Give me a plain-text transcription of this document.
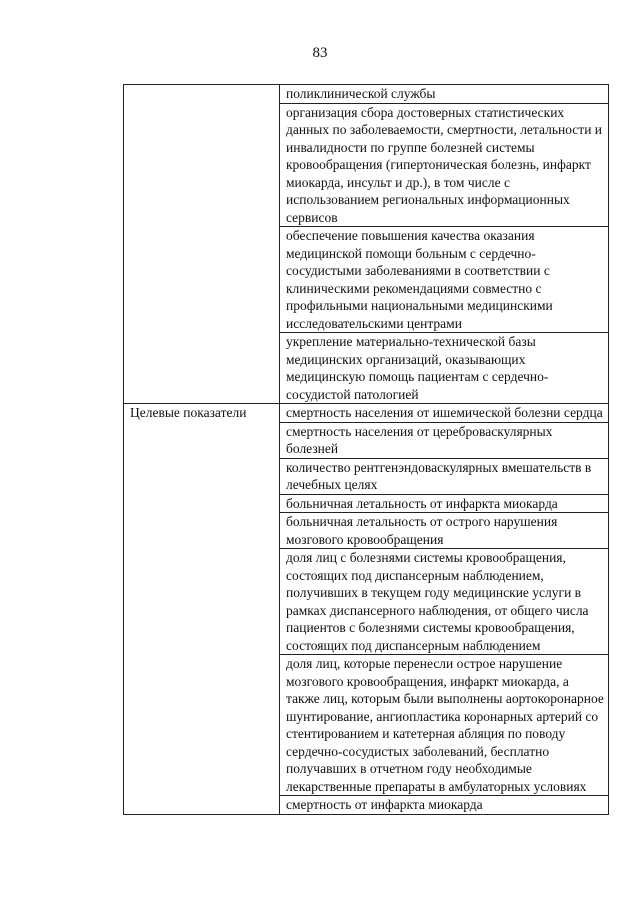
83
	поликлинической службы
	организация сбора достоверных статистических данных по заболеваемости, смертности, летальности и инвалидности по группе болезней системы кровообращения (гипертоническая болезнь, инфаркт миокарда, инсульт и др.), в том числе с использованием региональных информационных сервисов
	обеспечение повышения качества оказания медицинской помощи больным с сердечно-сосудистыми заболеваниями в соответствии с клиническими рекомендациями совместно с профильными национальными медицинскими исследовательскими центрами
	укрепление материально-технической базы медицинских организаций, оказывающих медицинскую помощь пациентам с сердечно-сосудистой патологией
Целевые показатели	смертность населения от ишемической болезни сердца
	смертность населения от цереброваскулярных болезней
	количество рентгенэндоваскулярных вмешательств в лечебных целях
	больничная летальность от инфаркта миокарда
	больничная летальность от острого нарушения мозгового кровообращения
	доля лиц с болезнями системы кровообращения, состоящих под диспансерным наблюдением, получивших в текущем году медицинские услуги в рамках диспансерного наблюдения, от общего числа пациентов с болезнями системы кровообращения, состоящих под диспансерным наблюдением
	доля лиц, которые перенесли острое нарушение мозгового кровообращения, инфаркт миокарда, а также лиц, которым были выполнены аортокоронарное шунтирование, ангиопластика коронарных артерий со стентированием и катетерная абляция по поводу сердечно-сосудистых заболеваний, бесплатно получавших в отчетном году необходимые лекарственные препараты в амбулаторных условиях
	смертность от инфаркта миокарда
